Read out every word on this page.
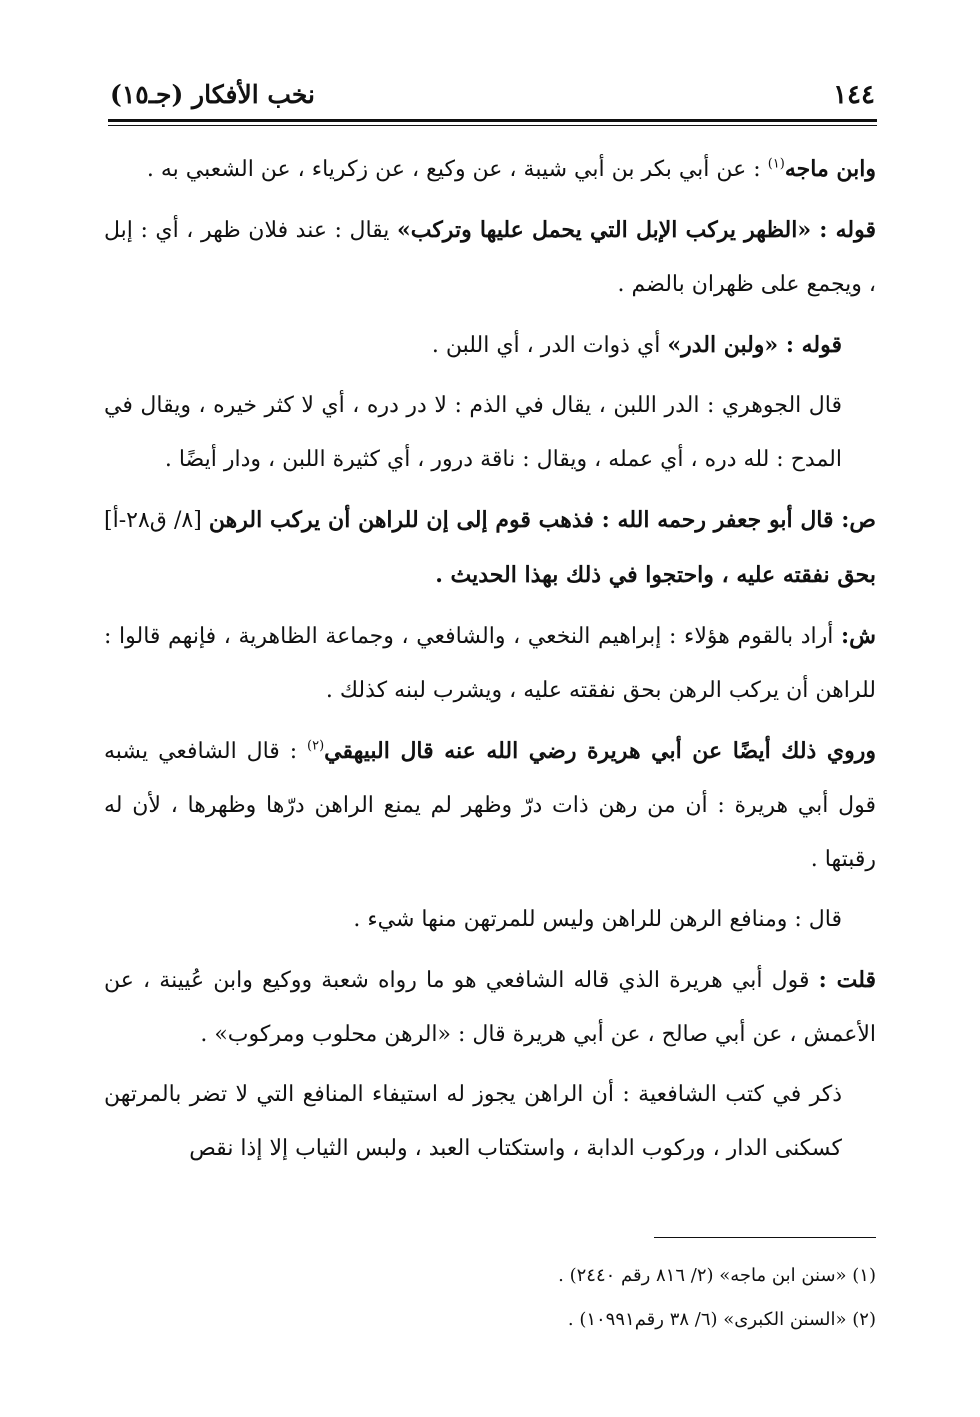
١٤٤
نخب الأفكار (جـ١٥)

وابن ماجه$^{(١)}$ : عن أبي بكر بن أبي شيبة ، عن وكيع ، عن زكرياء ، عن الشعبي به .

قوله : «الظهر يركب الإبل التي يحمل عليها وتركب» يقال : عند فلان ظهر ، أي : إبل ، ويجمع على ظهران بالضم .

قوله : «ولبن الدر» أي ذوات الدر ، أي اللبن .

قال الجوهري : الدر اللبن ، يقال في الذم : لا در دره ، أي لا كثر خيره ، ويقال في المدح : لله دره ، أي عمله ، ويقال : ناقة درور ، أي كثيرة اللبن ، ودار أيضًا .

ص: قال أبو جعفر رحمه الله : فذهب قوم إلى إن للراهن أن يركب الرهن [٨/ ق٢٨-أ] بحق نفقته عليه ، واحتجوا في ذلك بهذا الحديث .

ش: أراد بالقوم هؤلاء : إبراهيم النخعي ، والشافعي ، وجماعة الظاهرية ، فإنهم قالوا : للراهن أن يركب الرهن بحق نفقته عليه ، ويشرب لبنه كذلك .

وروي ذلك أيضًا عن أبي هريرة رضي الله عنه قال البيهقي$^{(٢)}$ : قال الشافعي يشبه قول أبي هريرة : أن من رهن ذات درّ وظهر لم يمنع الراهن درّها وظهرها ، لأن له رقبتها .

قال : ومنافع الرهن للراهن وليس للمرتهن منها شيء .

قلت : قول أبي هريرة الذي قاله الشافعي هو ما رواه شعبة ووكيع وابن عُيينة ، عن الأعمش ، عن أبي صالح ، عن أبي هريرة قال : «الرهن محلوب ومركوب» .

ذكر في كتب الشافعية : أن الراهن يجوز له استيفاء المنافع التي لا تضر بالمرتهن كسكنى الدار ، وركوب الدابة ، واستكتاب العبد ، ولبس الثياب إلا إذا نقص

(١) «سنن ابن ماجه» (٢/ ٨١٦ رقم ٢٤٤٠) .
(٢) «السنن الكبرى» (٦/ ٣٨ رقم١٠٩٩١) .
